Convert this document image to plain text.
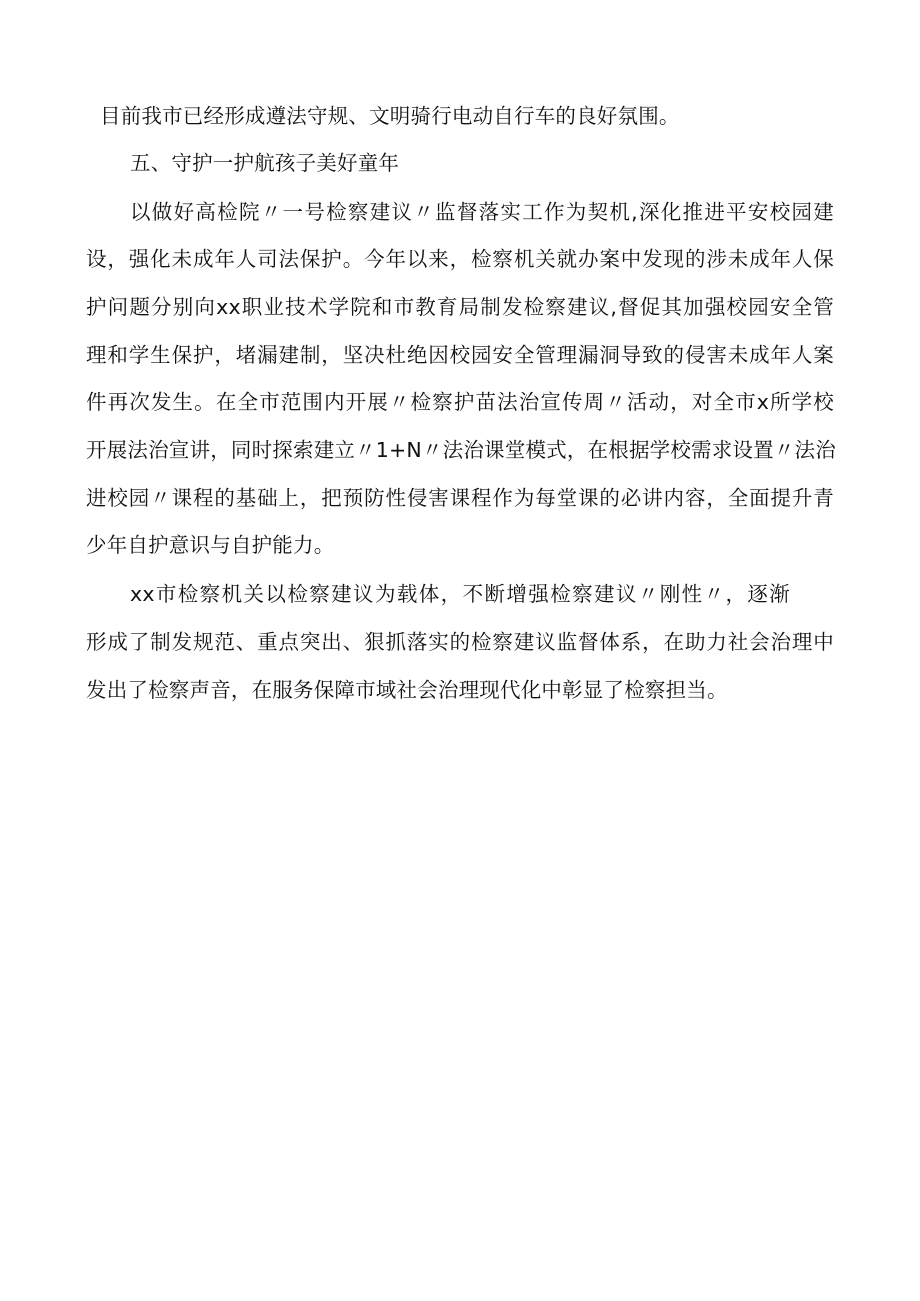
目前我市已经形成遵法守规、文明骑行电动自行车的良好氛围。
五、守护一护航孩子美好童年
以做好高检院〃一号检察建议〃监督落实工作为契机,深化推进平安校园建
设，强化未成年人司法保护。今年以来，检察机关就办案中发现的涉未成年人保
护问题分别向xx职业技术学院和市教育局制发检察建议,督促其加强校园安全管
理和学生保护，堵漏建制，坚决杜绝因校园安全管理漏洞导致的侵害未成年人案
件再次发生。在全市范围内开展〃检察护苗法治宣传周〃活动，对全市x所学校
开展法治宣讲，同时探索建立〃1+N〃法治课堂模式，在根据学校需求设置〃法治
进校园〃课程的基础上，把预防性侵害课程作为每堂课的必讲内容，全面提升青
少年自护意识与自护能力。
xx市检察机关以检察建议为载体，不断增强检察建议〃刚性〃，逐渐
形成了制发规范、重点突出、狠抓落实的检察建议监督体系，在助力社会治理中
发出了检察声音，在服务保障市域社会治理现代化中彰显了检察担当。
